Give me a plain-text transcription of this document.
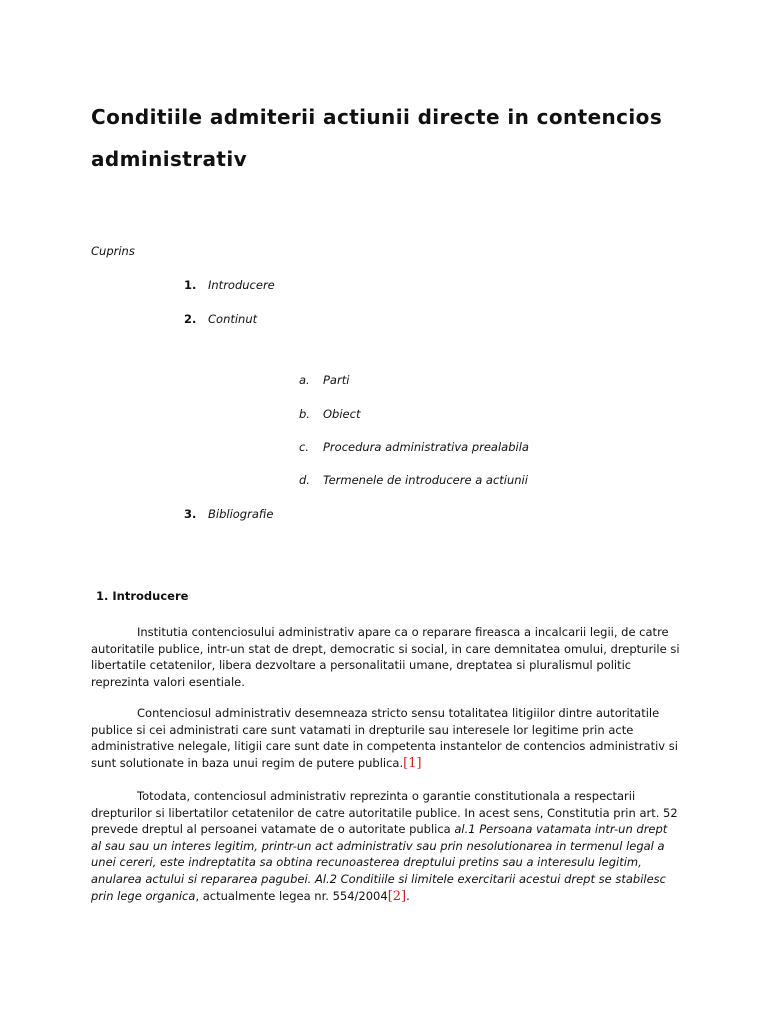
Conditiile admiterii actiunii directe in contencios administrativ
Cuprins
1. Introducere
2. Continut
a. Parti
b. Obiect
c. Procedura administrativa prealabila
d. Termenele de introducere a actiunii
3. Bibliografie
1. Introducere

Institutia contenciosului administrativ apare ca o reparare fireasca a incalcarii legii, de catre autoritatile publice, intr-un stat de drept, democratic si social, in care demnitatea omului, drepturile si libertatile cetatenilor, libera dezvoltare a personalitatii umane, dreptatea si pluralismul politic reprezinta valori esentiale.

Contenciosul administrativ desemneaza stricto sensu totalitatea litigiilor dintre autoritatile publice si cei administrati care sunt vatamati in drepturile sau interesele lor legitime prin acte administrative nelegale, litigii care sunt date in competenta instantelor de contencios administrativ si sunt solutionate in baza unui regim de putere publica.[1]

Totodata, contenciosul administrativ reprezinta o garantie constitutionala a respectarii drepturilor si libertatilor cetatenilor de catre autoritatile publice. In acest sens, Constitutia prin art. 52 prevede dreptul al persoanei vatamate de o autoritate publica al.1 Persoana vatamata intr-un drept al sau sau un interes legitim, printr-un act administrativ sau prin nesolutionarea in termenul legal a unei cereri, este indreptatita sa obtina recunoasterea dreptului pretins sau a interesulu legitim, anularea actului si repararea pagubei. Al.2 Conditiile si limitele exercitarii acestui drept se stabilesc prin lege organica, actualmente legea nr. 554/2004[2].
